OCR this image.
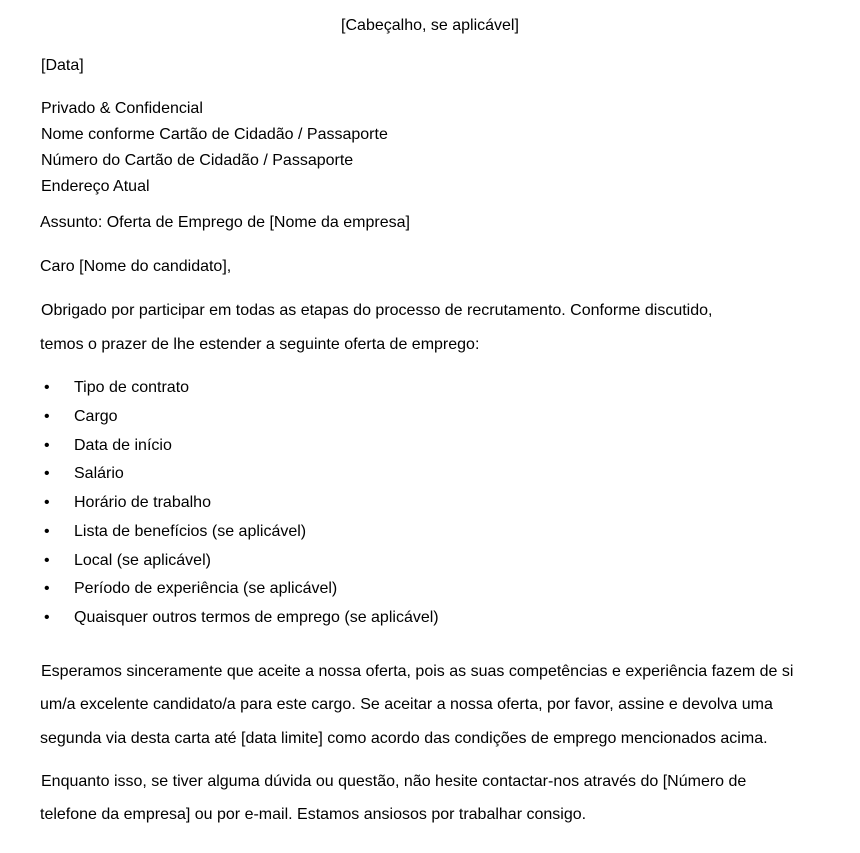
[Cabeçalho, se aplicável]
[Data]
Privado & Confidencial
Nome conforme Cartão de Cidadão / Passaporte
Número do Cartão de Cidadão / Passaporte
Endereço Atual
Assunto: Oferta de Emprego de [Nome da empresa]
Caro [Nome do candidato],
Obrigado por participar em todas as etapas do processo de recrutamento. Conforme discutido,
temos o prazer de lhe estender a seguinte oferta de emprego:
• Tipo de contrato
• Cargo
• Data de início
• Salário
• Horário de trabalho
• Lista de benefícios (se aplicável)
• Local (se aplicável)
• Período de experiência (se aplicável)
• Quaisquer outros termos de emprego (se aplicável)
Esperamos sinceramente que aceite a nossa oferta, pois as suas competências e experiência fazem de si
um/a excelente candidato/a para este cargo. Se aceitar a nossa oferta, por favor, assine e devolva uma
segunda via desta carta até [data limite] como acordo das condições de emprego mencionados acima.
Enquanto isso, se tiver alguma dúvida ou questão, não hesite contactar-nos através do [Número de
telefone da empresa] ou por e-mail. Estamos ansiosos por trabalhar consigo.
